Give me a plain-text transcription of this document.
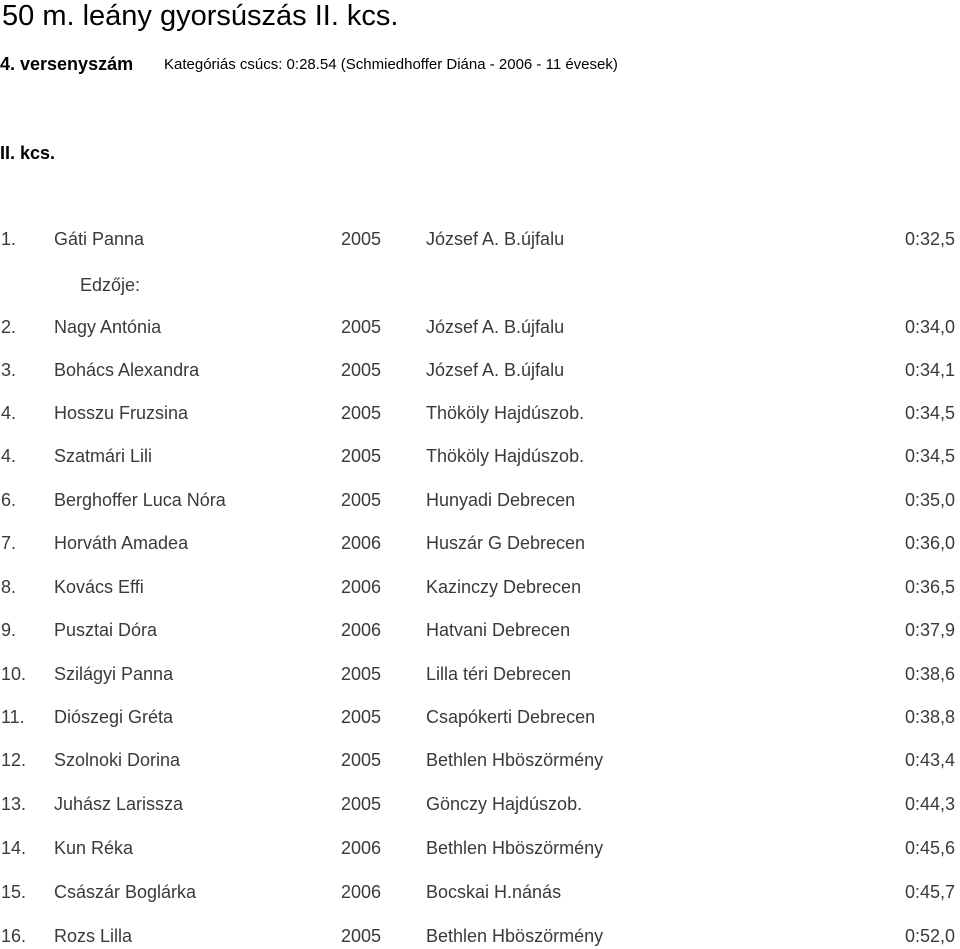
50 m. leány gyorsúszás II. kcs.
4. versenyszám Kategóriás csúcs: 0:28.54 (Schmiedhoffer Diána - 2006 - 11 évesek)
II. kcs.
Edzője:
1. Gáti Panna	2005 József A. B.újfalu	0:32,5
2. Nagy Antónia	2005 József A. B.újfalu	0:34,0
3. Bohács Alexandra	2005 József A. B.újfalu	0:34,1
4. Hosszu Fruzsina	2005 Thököly Hajdúszob.	0:34,5
4. Szatmári Lili	2005 Thököly Hajdúszob.	0:34,5
6. Berghoffer Luca Nóra	2005 Hunyadi Debrecen	0:35,0
7. Horváth Amadea	2006 Huszár G Debrecen	0:36,0
8. Kovács Effi	2006 Kazinczy Debrecen	0:36,5
9. Pusztai Dóra	2006 Hatvani Debrecen	0:37,9
10. Szilágyi Panna	2005 Lilla téri Debrecen	0:38,6
11. Diószegi Gréta	2005 Csapókerti Debrecen	0:38,8
12. Szolnoki Dorina	2005 Bethlen Hböszörmény	0:43,4
13. Juhász Larissza	2005 Gönczy Hajdúszob.	0:44,3
14. Kun Réka	2006 Bethlen Hböszörmény	0:45,6
15. Császár Boglárka	2006 Bocskai H.nánás	0:45,7
16. Rozs Lilla	2005 Bethlen Hböszörmény	0:52,0
